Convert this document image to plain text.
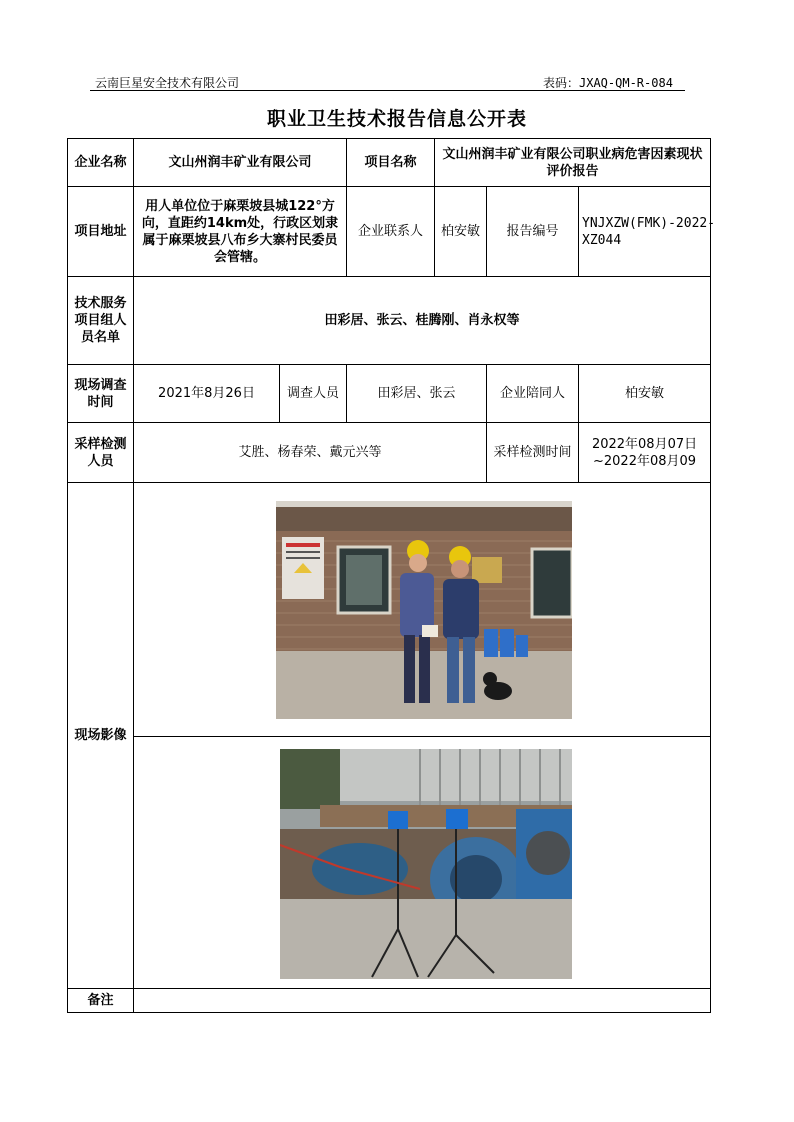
云南巨星安全技术有限公司	表码：JXAQ-QM-R-084
职业卫生技术报告信息公开表
企业名称	文山州润丰矿业有限公司		项目名称	文山州润丰矿业有限公司职业病危害因素现状评价报告		
项目地址	用人单位位于麻栗坡县城122°方向，直距约14km处，行政区划隶属于麻栗坡县八布乡大寨村民委员会管辖。		企业联系人	柏安敏	报告编号	YNJXZW(FMK)-2022-XZ044
技术服务项目组人员名单	田彩居、张云、桂腾刚、肖永权等					
现场调查时间	2021年8月26日	调查人员	田彩居、张云		企业陪同人	柏安敏
采样检测人员	艾胜、杨春荣、戴元兴等				采样检测时间	2022年08月07日~2022年08月09
现场影像	

备注						
